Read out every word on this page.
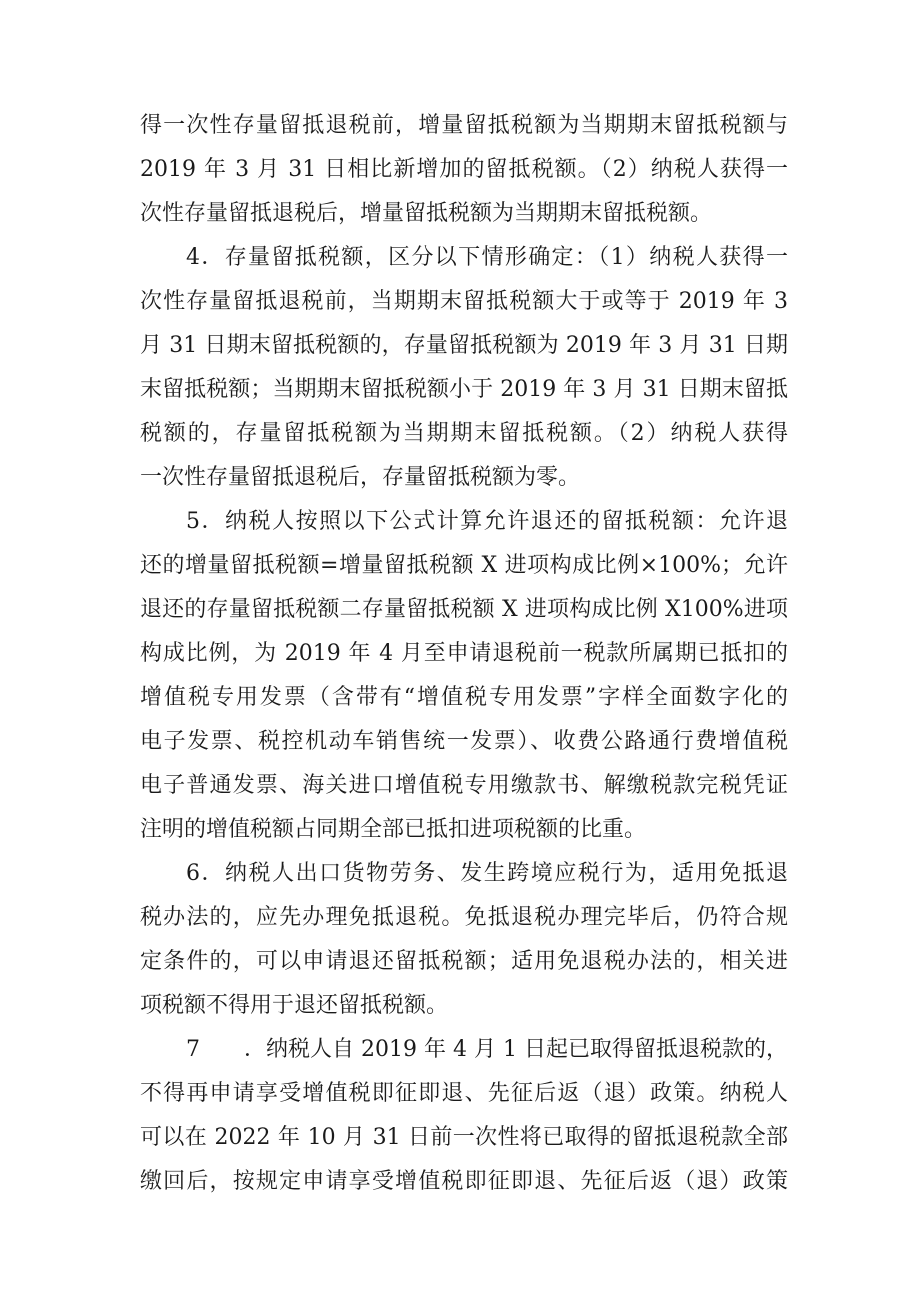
得一次性存量留抵退税前，增量留抵税额为当期期末留抵税额与
2019 年 3 月 31 日相比新增加的留抵税额。（2）纳税人获得一
次性存量留抵退税后，增量留抵税额为当期期末留抵税额。
4．存量留抵税额，区分以下情形确定：（1）纳税人获得一
次性存量留抵退税前，当期期末留抵税额大于或等于 2019 年 3
月 31 日期末留抵税额的，存量留抵税额为 2019 年 3 月 31 日期
末留抵税额；当期期末留抵税额小于 2019 年 3 月 31 日期末留抵
税额的，存量留抵税额为当期期末留抵税额。（2）纳税人获得
一次性存量留抵退税后，存量留抵税额为零。
5．纳税人按照以下公式计算允许退还的留抵税额：允许退
还的增量留抵税额=增量留抵税额 X 进项构成比例×100%；允许
退还的存量留抵税额二存量留抵税额 X 进项构成比例 X100%进项
构成比例，为 2019 年 4 月至申请退税前一税款所属期已抵扣的
增值税专用发票（含带有“增值税专用发票”字样全面数字化的
电子发票、税控机动车销售统一发票）、收费公路通行费增值税
电子普通发票、海关进口增值税专用缴款书、解缴税款完税凭证
注明的增值税额占同期全部已抵扣进项税额的比重。
6．纳税人出口货物劳务、发生跨境应税行为，适用免抵退
税办法的，应先办理免抵退税。免抵退税办理完毕后，仍符合规
定条件的，可以申请退还留抵税额；适用免退税办法的，相关进
项税额不得用于退还留抵税额。
7　　．纳税人自 2019 年 4 月 1 日起已取得留抵退税款的，
不得再申请享受增值税即征即退、先征后返（退）政策。纳税人
可以在 2022 年 10 月 31 日前一次性将已取得的留抵退税款全部
缴回后，按规定申请享受增值税即征即退、先征后返（退）政策
